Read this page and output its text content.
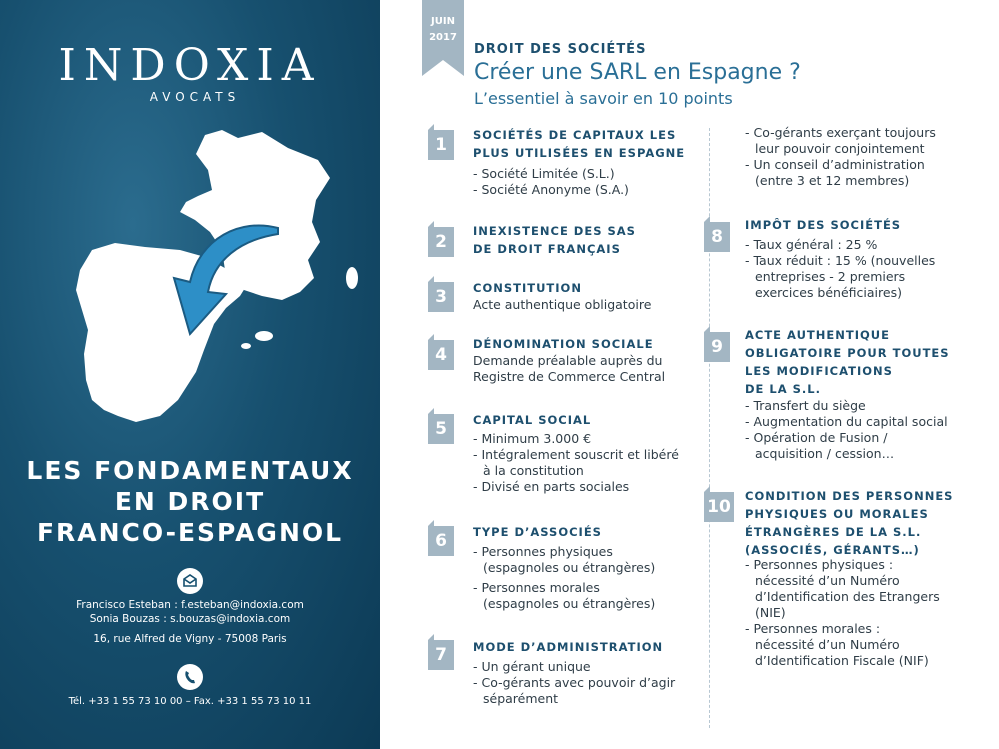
INDOXIA
AVOCATS
LES FONDAMENTAUX
EN DROIT
FRANCO-ESPAGNOL
Francisco Esteban : f.esteban@indoxia.com
Sonia Bouzas : s.bouzas@indoxia.com
16, rue Alfred de Vigny - 75008 Paris
Tél. +33 1 55 73 10 00 – Fax. +33 1 55 73 10 11
JUIN
2017
DROIT DES SOCIÉTÉS
Créer une SARL en Espagne ?
L’essentiel à savoir en 10 points
1	SOCIÉTÉS DE CAPITAUX LES
PLUS UTILISÉES EN ESPAGNE
- Société Limitée (S.L.)
- Société Anonyme (S.A.)
2
INEXISTENCE DES SAS
DE DROIT FRANÇAIS
3	CONSTITUTION
Acte authentique obligatoire
4
DÉNOMINATION SOCIALE
Demande préalable auprès du
Registre de Commerce Central
5	CAPITAL SOCIAL
- Minimum 3.000 €
- Intégralement souscrit et libéré
à la constitution
- Divisé en parts sociales
6	TYPE D’ASSOCIÉS
- Personnes physiques
(espagnoles ou étrangères)
- Personnes morales
(espagnoles ou étrangères)
7	MODE D’ADMINISTRATION
- Un gérant unique
- Co-gérants avec pouvoir d’agir
séparément
- Co-gérants exerçant toujours
leur pouvoir conjointement
- Un conseil d’administration
(entre 3 et 12 membres)
8
IMPÔT DES SOCIÉTÉS
- Taux général : 25 %
- Taux réduit : 15 % (nouvelles
entreprises - 2 premiers
exercices bénéficiaires)
9
ACTE AUTHENTIQUE
OBLIGATOIRE POUR TOUTES
LES MODIFICATIONS
DE LA S.L.
- Transfert du siège
- Augmentation du capital social
- Opération de Fusion /
acquisition / cession…
10
CONDITION DES PERSONNES
PHYSIQUES OU MORALES
ÉTRANGÈRES DE LA S.L.
(ASSOCIÉS, GÉRANTS…)
- Personnes physiques :
nécessité d’un Numéro
d’Identification des Etrangers
(NIE)
- Personnes morales :
nécessité d’un Numéro
d’Identification Fiscale (NIF)
